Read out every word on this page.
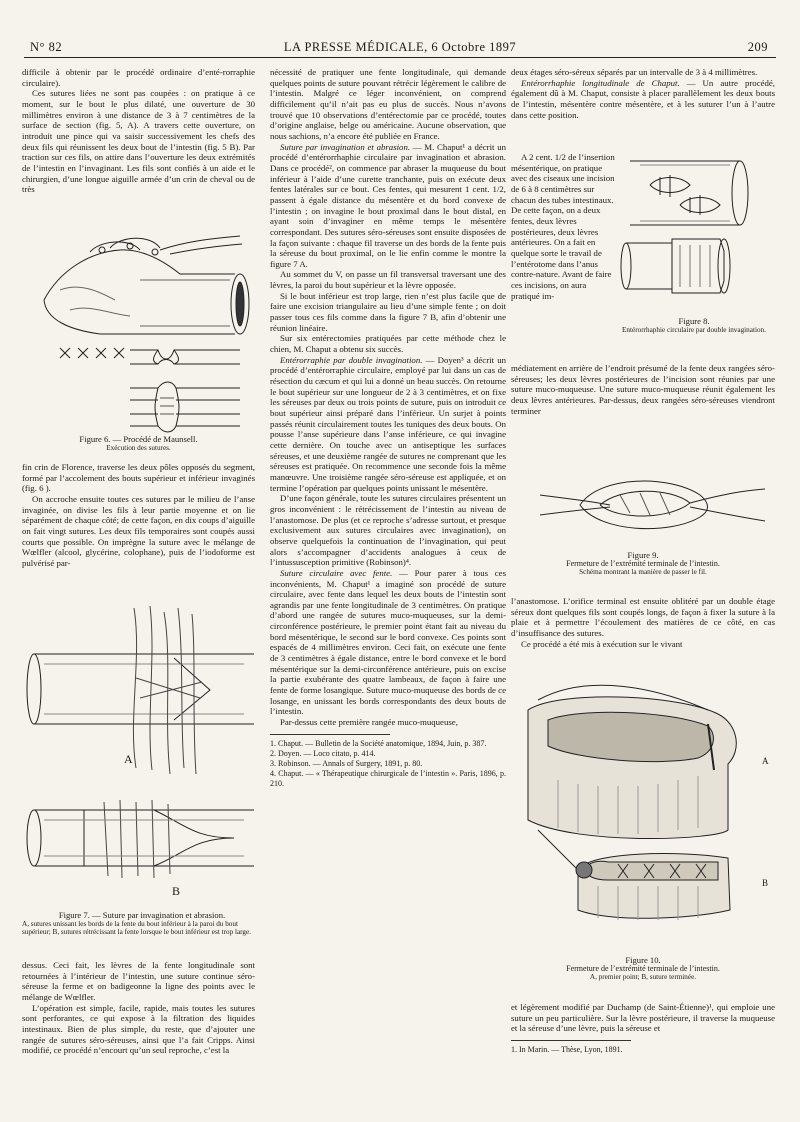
N° 82	LA PRESSE MÉDICALE, 6 Octobre 1897	209

difficile à obtenir par le procédé ordinaire d’enté-rorraphie circulaire).

Ces sutures liées ne sont pas coupées : on pratique à ce moment, sur le bout le plus dilaté, une ouverture de 30 millimètres environ à une distance de 3 à 7 centimètres de la surface de section (fig. 5, A). A travers cette ouverture, on introduit une pince qui va saisir successivement les chefs des deux fils qui réunissent les deux bout de l’intestin (fig. 5 B). Par traction sur ces fils, on attire dans l’ouverture les deux extrémités de l’intestin en l’invaginant. Les fils sont confiés à un aide et le chirurgien, d’une longue aiguille armée d’un crin de cheval ou de très

Figure 6. — Procédé de Maunsell.
Exécution des sutures.

fin crin de Florence, traverse les deux pôles opposés du segment, formé par l’accolement des bouts supérieur et inférieur invaginés (fig. 6 ).

On accroche ensuite toutes ces sutures par le milieu de l’anse invaginée, on divise les fils à leur partie moyenne et on lie séparément de chaque côté; de cette façon, en dix coups d’aiguille on fait vingt sutures. Les deux fils temporaires sont coupés aussi courts que possible. On imprègne la suture avec le mélange de Wœlfler (alcool, glycérine, colophane), puis de l’iodoforme est pulvérisé par-

A
B
Figure 7. — Suture par invagination et abrasion.
A, sutures unissant les bords de la fente du bout inférieur à la paroi du bout supérieur; B, sutures rétrécissant la fente lorsque le bout inférieur est trop large.

dessus. Ceci fait, les lèvres de la fente longitudinale sont retournées à l’intérieur de l’intestin, une suture continue séro-séreuse la ferme et on badigeonne la ligne des points avec le mélange de Wœlfler.

L’opération est simple, facile, rapide, mais toutes les sutures sont perforantes, ce qui expose à la filtration des liquides intestinaux. Bien de plus simple, du reste, que d’ajouter une rangée de sutures séro-séreuses, ainsi que l’a fait Cripps. Ainsi modifié, ce procédé n’encourt qu’un seul reproche, c’est la

nécessité de pratiquer une fente longitudinale, qui demande quelques points de suture pouvant rétrécir légèrement le calibre de l’intestin. Malgré ce léger inconvénient, on comprend difficilement qu’il n’ait pas eu plus de succès. Nous n’avons trouvé que 10 observations d’entérectomie par ce procédé, toutes d’origine anglaise, belge ou américaine. Aucune observation, que nous sachions, n’a encore été publiée en France.

Suture par invagination et abrasion. — M. Chaput¹ a décrit un procédé d’entérorrhaphie circulaire par invagination et abrasion. Dans ce procédé², on commence par abraser la muqueuse du bout inférieur à l’aide d’une curette tranchante, puis on exécute deux fentes latérales sur ce bout. Ces fentes, qui mesurent 1 cent. 1/2, passent à égale distance du mésentère et du bord convexe de l’intestin ; on invagine le bout proximal dans le bout distal, en ayant soin d’invaginer en même temps le mésentère correspondant. Des sutures séro-séreuses sont ensuite disposées de la façon suivante : chaque fil traverse un des bords de la fente puis la séreuse du bout proximal, on le lie enfin comme le montre la figure 7 A.

Au sommet du V, on passe un fil transversal traversant une des lèvres, la paroi du bout supérieur et la lèvre opposée.

Si le bout inférieur est trop large, rien n’est plus facile que de faire une excision triangulaire au lieu d’une simple fente ; on doit passer tous ces fils comme dans la figure 7 B, afin d’obtenir une réunion linéaire.

Sur six entérectomies pratiquées par cette méthode chez le chien, M. Chaput a obtenu six succès.

Entérorraphie par double invagination. — Doyen³ a décrit un procédé d’entérorraphie circulaire, employé par lui dans un cas de résection du cæcum et qui lui a donné un beau succès. On retourne le bout supérieur sur une longueur de 2 à 3 centimètres, et on fixe les séreuses par deux ou trois points de suture, puis on introduit ce bout supérieur ainsi préparé dans l’inférieur. Un surjet à points passés réunit circulairement toutes les tuniques des deux bouts. On pousse l’anse supérieure dans l’anse inférieure, ce qui invagine cette dernière. On touche avec un antiseptique les surfaces séreuses, et une deuxième rangée de sutures ne comprenant que les séreuses est pratiquée. On recommence une seconde fois la même manœuvre. Une troisième rangée séro-séreuse est appliquée, et on termine l’opération par quelques points unissant le mésentère.

D’une façon générale, toute les sutures circulaires présentent un gros inconvénient : le rétrécissement de l’intestin au niveau de l’anastomose. De plus (et ce reproche s’adresse surtout, et presque exclusivement aux sutures circulaires avec invagination), on observe quelquefois la continuation de l’invagination, qui peut alors s’accompagner d’accidents analogues à ceux de l’intussusception primitive (Robinson)⁴.

Suture circulaire avec fente. — Pour parer à tous ces inconvénients, M. Chaput¹ a imaginé son procédé de suture circulaire, avec fente dans lequel les deux bouts de l’intestin sont agrandis par une fente longitudinale de 3 centimètres. On pratique d’abord une rangée de sutures muco-muqueuses, sur la demi-circonférence postérieure, le premier point étant fait au niveau du bord mésentérique, le second sur le bord convexe. Ces points sont espacés de 4 millimètres environ. Ceci fait, on exécute une fente de 3 centimètres à égale distance, entre le bord convexe et le bord mésentérique sur la demi-circonférence antérieure, puis on excise la partie exubérante des quatre lambeaux, de façon à faire une fente de forme losangique. Suture muco-muqueuse des bords de ce losange, en unissant les bords correspondants des deux bouts de l’intestin.

Par-dessus cette première rangée muco-muqueuse,

1. Chaput. — Bulletin de la Société anatomique, 1894, Juin, p. 387.

2. Doyen. — Loco citato, p. 414.

3. Robinson. — Annals of Surgery, 1891, p. 80.

4. Chaput. — « Thérapeutique chirurgicale de l’intestin ». Paris, 1896, p. 210.

deux étages séro-séreux séparés par un intervalle de 3 à 4 millimètres.

Entérorrhaphie longitudinale de Chaput. — Un autre procédé, également dû à M. Chaput, consiste à placer parallèlement les deux bouts de l’intestin, mésentère contre mésentère, et à les suturer l’un à l’autre dans cette position.

A 2 cent. 1/2 de l’insertion mésentérique, on pratique avec des ciseaux une incision de 6 à 8 centimètres sur chacun des tubes intestinaux. De cette façon, on a deux fentes, deux lèvres postérieures, deux lèvres antérieures. On a fait en quelque sorte le travail de l’entérotome dans l’anus contre-nature. Avant de faire ces incisions, on aura pratiqué im-

Figure 8.
Entérorrhaphie circulaire par double invagination.

médiatement en arrière de l’endroit présumé de la fente deux rangées séro-séreuses; les deux lèvres postérieures de l’incision sont réunies par une suture muco-muqueuse. Une suture muco-muqueuse réunit également les deux lèvres antérieures. Par-dessus, deux rangées séro-séreuses viendront terminer

Figure 9.
Fermeture de l’extrémité terminale de l’intestin.
Schéma montrant la manière de passer le fil.

l’anastomose. L’orifice terminal est ensuite oblitéré par un double étage séreux dont quelques fils sont coupés longs, de façon à fixer la suture à la plaie et à permettre l’écoulement des matières de ce côté, en cas d’insuffisance des sutures.

Ce procédé a été mis à exécution sur le vivant

A
B
Figure 10.
Fermeture de l’extrémité terminale de l’intestin.
A, premier point; B, suture terminée.

et légèrement modifié par Duchamp (de Saint-Étienne)¹, qui emploie une suture un peu particulière. Sur la lèvre postérieure, il traverse la muqueuse et la séreuse d’une lèvre, puis la séreuse et

1. In Marin. — Thèse, Lyon, 1891.
